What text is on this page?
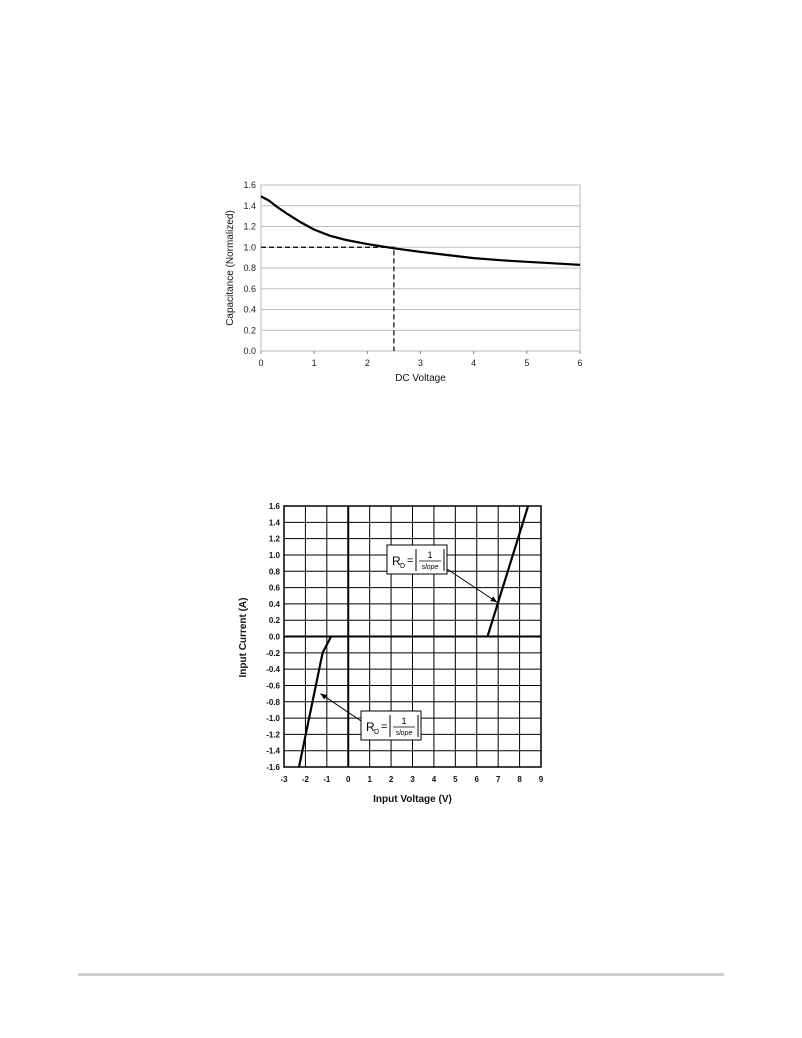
0.0
0.2
0.4
0.6
0.8
1.0
1.2
1.4
1.6
0	1	2	3	4	5	6
DC Voltage
Capacitance (Normalized)
-1.6
-1.4
-1.2
-1.0
-0.8
-0.6
-0.4
-0.2
0.0
0.2
0.4
0.6
0.8
1.0
1.2
1.4
1.6
-3 -2 -1 0 1 2 3 4 5 6 7 8 9
Input Voltage (V)
Input Current (A)
R D = 1
slope
R D = 1
slope
